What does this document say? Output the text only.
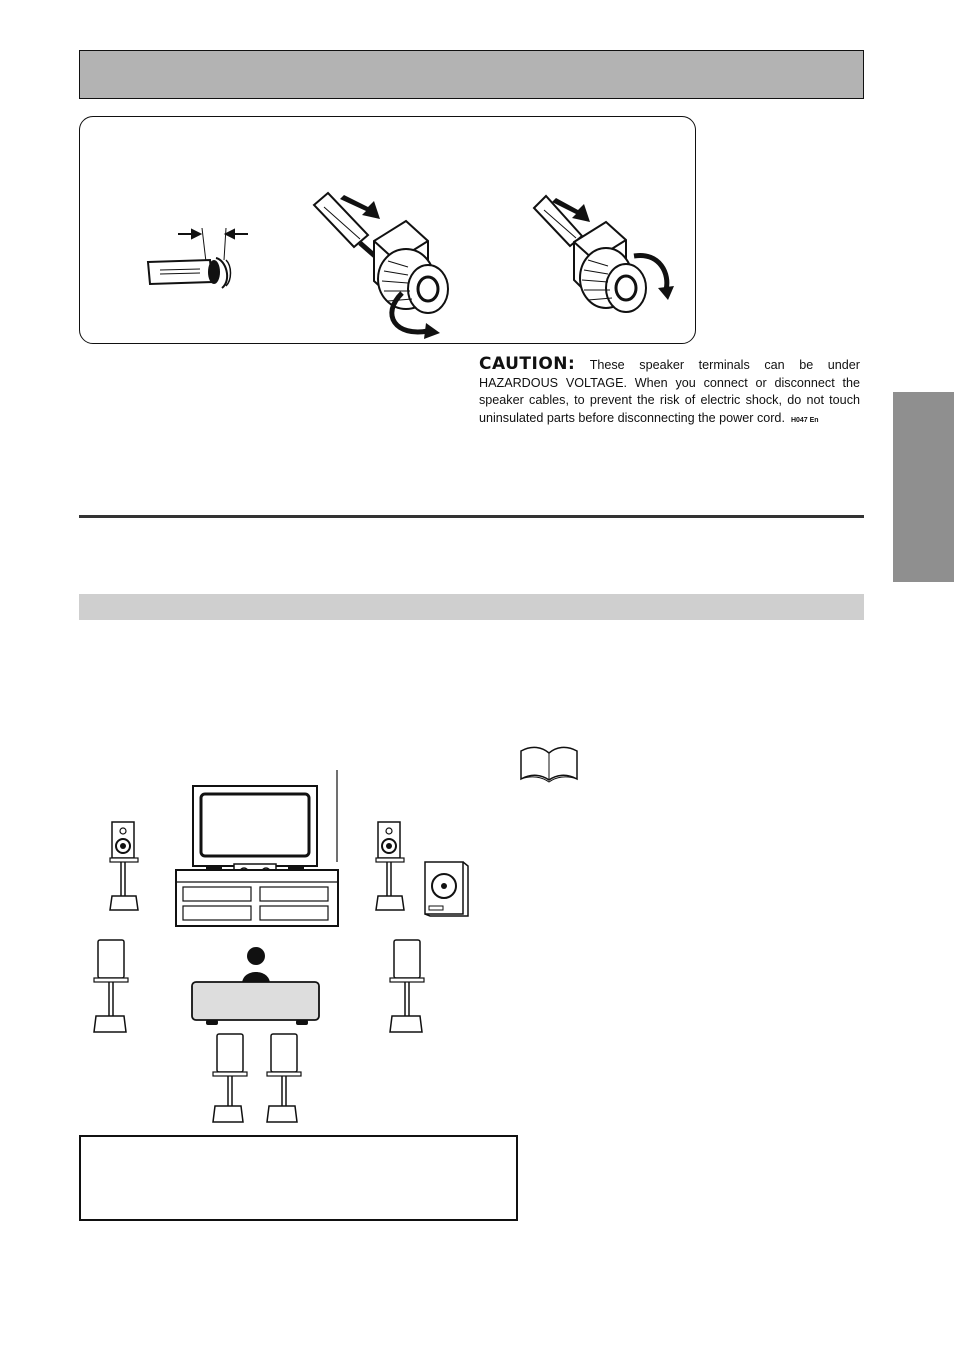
CAUTION: These speaker terminals can be under
HAZARDOUS VOLTAGE. When you connect or disconnect the
speaker cables, to prevent the risk of electric shock, do not touch
uninsulated parts before disconnecting the power cord. H047 En
